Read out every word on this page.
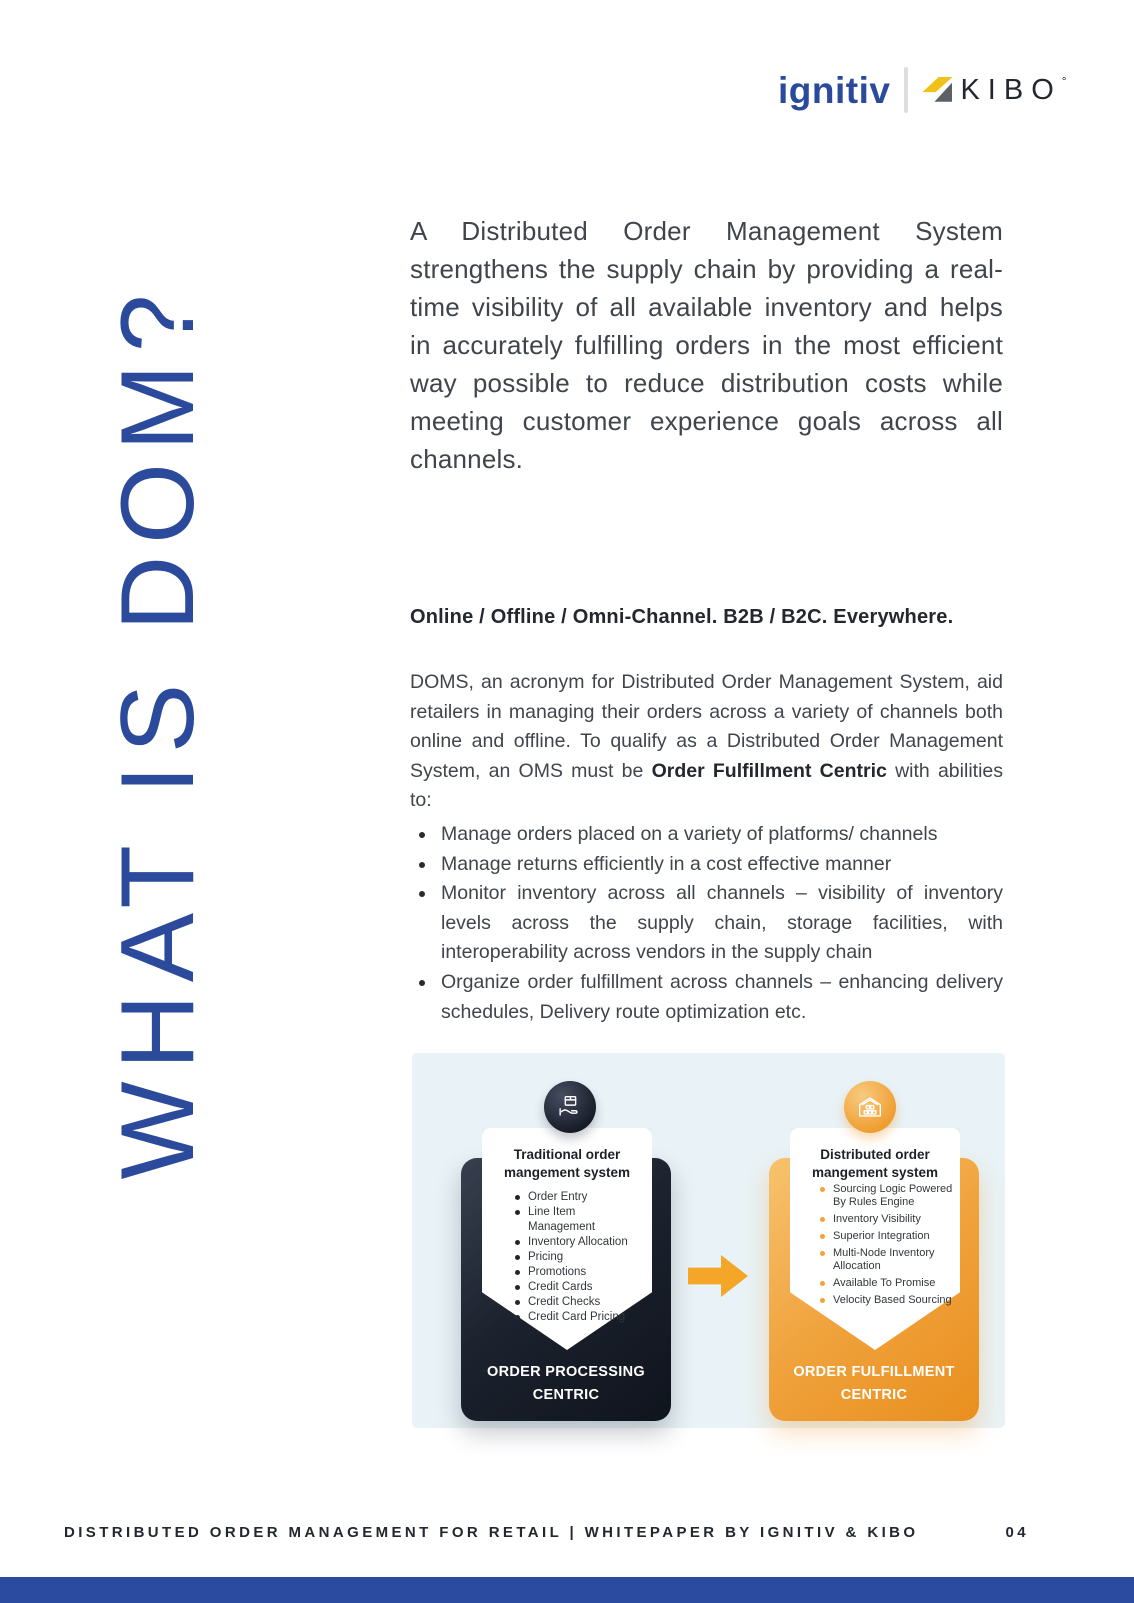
ignitiv KIBO°
WHAT IS DOM?

A Distributed Order Management System strengthens the supply chain by providing a real-time visibility of all available inventory and helps in accurately fulfilling orders in the most efficient way possible to reduce distribution costs while meeting customer experience goals across all channels.

Online / Offline / Omni-Channel. B2B / B2C. Everywhere.

DOMS, an acronym for Distributed Order Management System, aid retailers in managing their orders across a variety of channels both online and offline. To qualify as a Distributed Order Management System, an OMS must be Order Fulfillment Centric with abilities to:

Manage orders placed on a variety of platforms/ channels
Manage returns efficiently in a cost effective manner
Monitor inventory across all channels – visibility of inventory levels across the supply chain, storage facilities, with interoperability across vendors in the supply chain
Organize order fulfillment across channels – enhancing delivery schedules, Delivery route optimization etc.
Traditional order mangement system
Order Entry
Line Item Management
Inventory Allocation
Pricing
Promotions
Credit Cards
Credit Checks
Credit Card Pricing
ORDER PROCESSING CENTRIC
Distributed order mangement system
Sourcing Logic Powered By Rules Engine
Inventory Visibility
Superior Integration
Multi-Node Inventory Allocation
Available To Promise
Velocity Based Sourcing
ORDER FULFILLMENT CENTRIC
DISTRIBUTED ORDER MANAGEMENT FOR RETAIL | WHITEPAPER BY IGNITIV & KIBO	04
